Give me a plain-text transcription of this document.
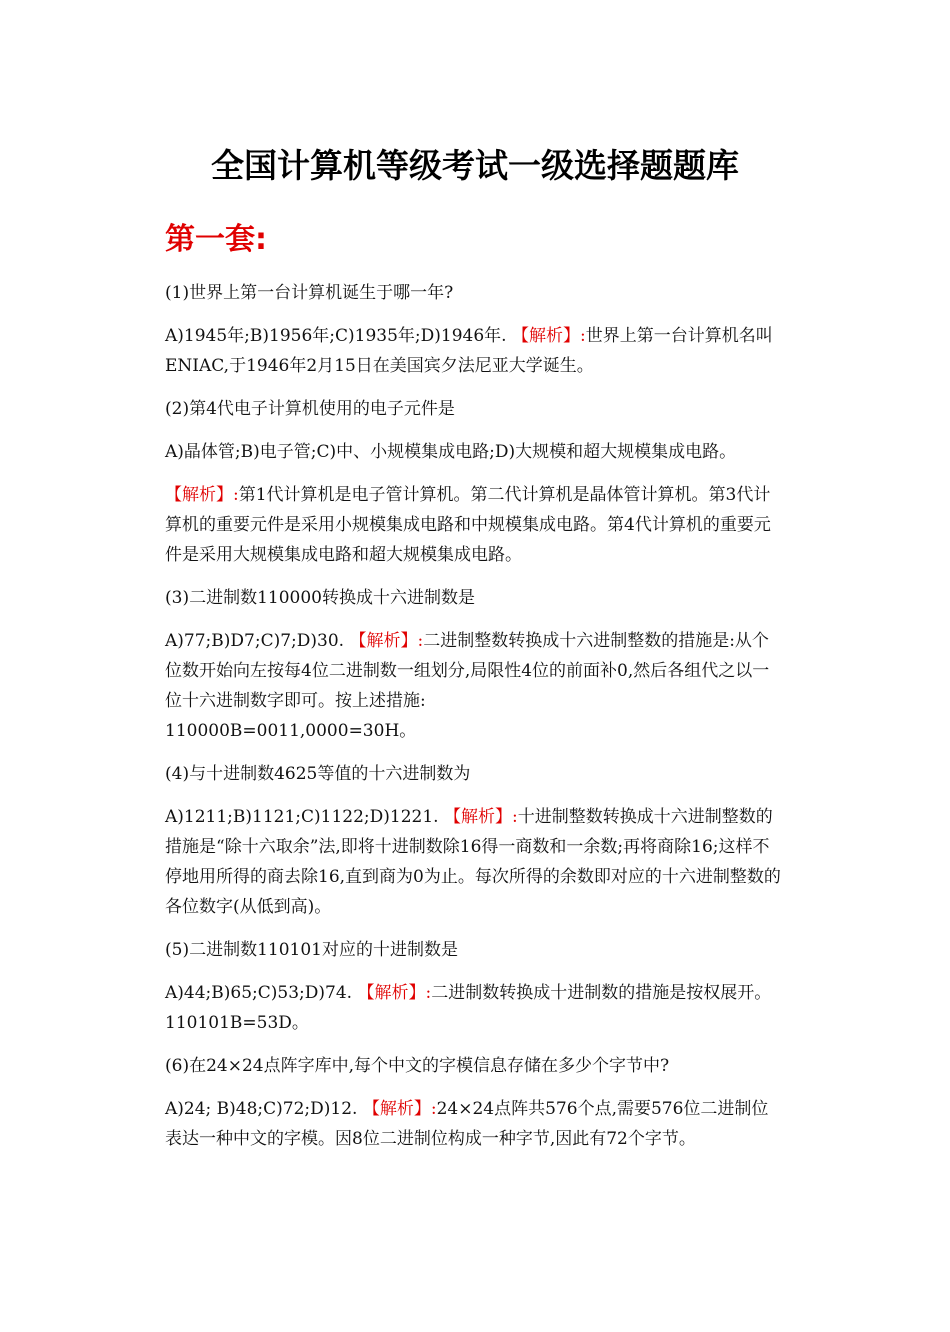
全国计算机等级考试一级选择题题库
第一套:

(1)世界上第一台计算机诞生于哪一年?

A)1945年;B)1956年;C)1935年;D)1946年. 【解析】:世界上第一台计算机名叫ENIAC,于1946年2月15日在美国宾夕法尼亚大学诞生。

(2)第4代电子计算机使用的电子元件是

A)晶体管;B)电子管;C)中、小规模集成电路;D)大规模和超大规模集成电路。

【解析】:第1代计算机是电子管计算机。第二代计算机是晶体管计算机。第3代计算机的重要元件是采用小规模集成电路和中规模集成电路。第4代计算机的重要元件是采用大规模集成电路和超大规模集成电路。

(3)二进制数110000转换成十六进制数是

A)77;B)D7;C)7;D)30. 【解析】:二进制整数转换成十六进制整数的措施是:从个位数开始向左按每4位二进制数一组划分,局限性4位的前面补0,然后各组代之以一位十六进制数字即可。按上述措施:
110000B=0011,0000=30H。

(4)与十进制数4625等值的十六进制数为

A)1211;B)1121;C)1122;D)1221. 【解析】:十进制整数转换成十六进制整数的措施是“除十六取余”法,即将十进制数除16得一商数和一余数;再将商除16;这样不停地用所得的商去除16,直到商为0为止。每次所得的余数即对应的十六进制整数的各位数字(从低到高)。

(5)二进制数110101对应的十进制数是

A)44;B)65;C)53;D)74. 【解析】:二进制数转换成十进制数的措施是按权展开。110101B=53D。

(6)在24×24点阵字库中,每个中文的字模信息存储在多少个字节中?

A)24; B)48;C)72;D)12. 【解析】:24×24点阵共576个点,需要576位二进制位表达一种中文的字模。因8位二进制位构成一种字节,因此有72个字节。
